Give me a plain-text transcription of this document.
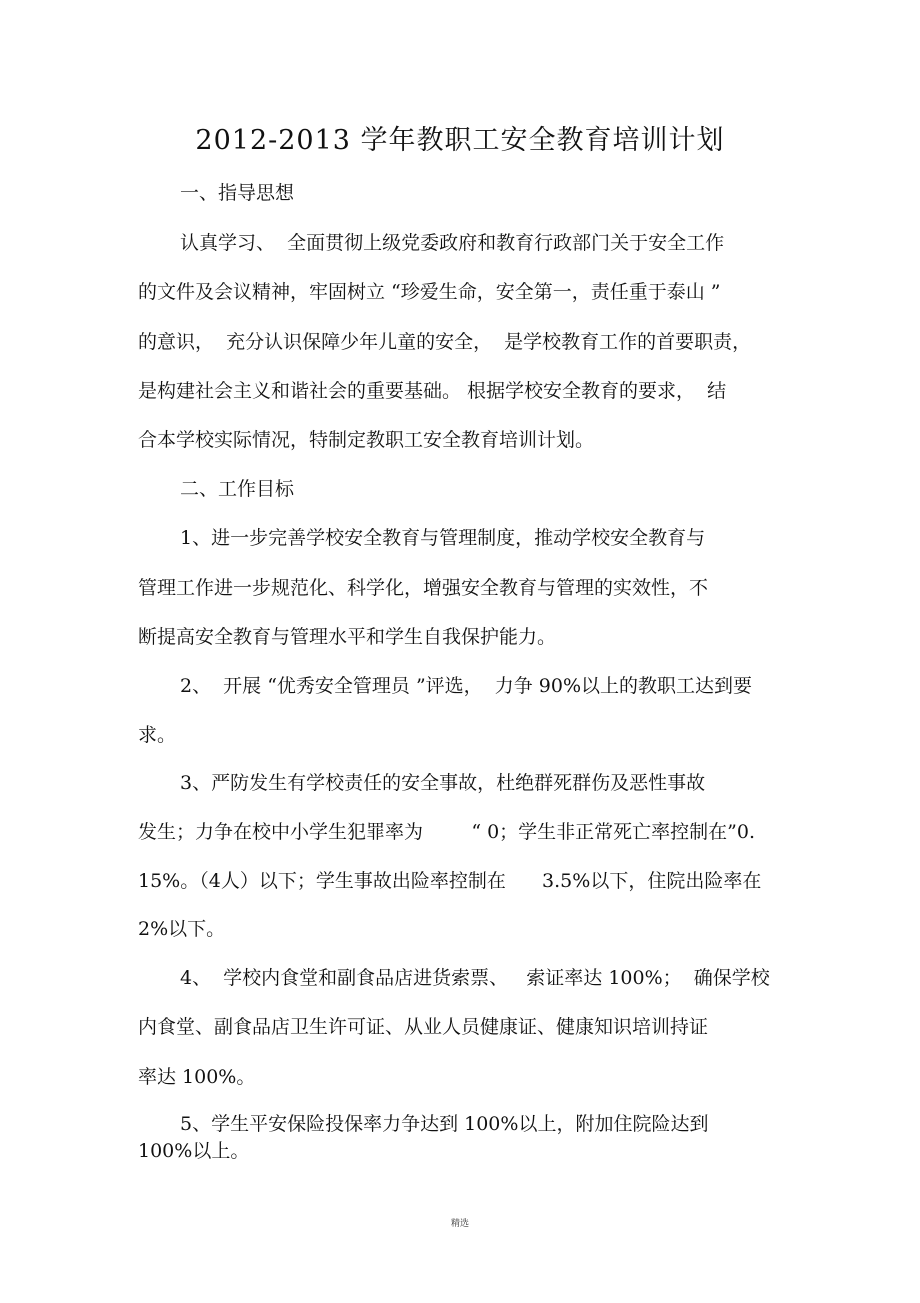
2012-2013 学年教职工安全教育培训计划
一、指导思想
认真学习、  全面贯彻上级党委政府和教育行政部门关于安全工作
的文件及会议精神，牢固树立 “珍爱生命，安全第一，责任重于泰山 ”
的意识，  充分认识保障少年儿童的安全，  是学校教育工作的首要职责，
是构建社会主义和谐社会的重要基础。 根据学校安全教育的要求，  结
合本学校实际情况，特制定教职工安全教育培训计划。
二、工作目标
1、进一步完善学校安全教育与管理制度，推动学校安全教育与
管理工作进一步规范化、科学化，增强安全教育与管理的实效性，不
断提高安全教育与管理水平和学生自我保护能力。
2、  开展 “优秀安全管理员 ”评选，  力争 90%以上的教职工达到要
求。
3、严防发生有学校责任的安全事故，杜绝群死群伤及恶性事故
发生；力争在校中小学生犯罪率为        “ 0；学生非正常死亡率控制在”0.
15%。（4人）以下；学生事故出险率控制在      3.5%以下，住院出险率在
2%以下。
4、  学校内食堂和副食品店进货索票、   索证率达 100%；  确保学校
内食堂、副食品店卫生许可证、从业人员健康证、健康知识培训持证
率达 100%。
5、学生平安保险投保率力争达到 100%以上，附加住院险达到
100%以上。
精选
